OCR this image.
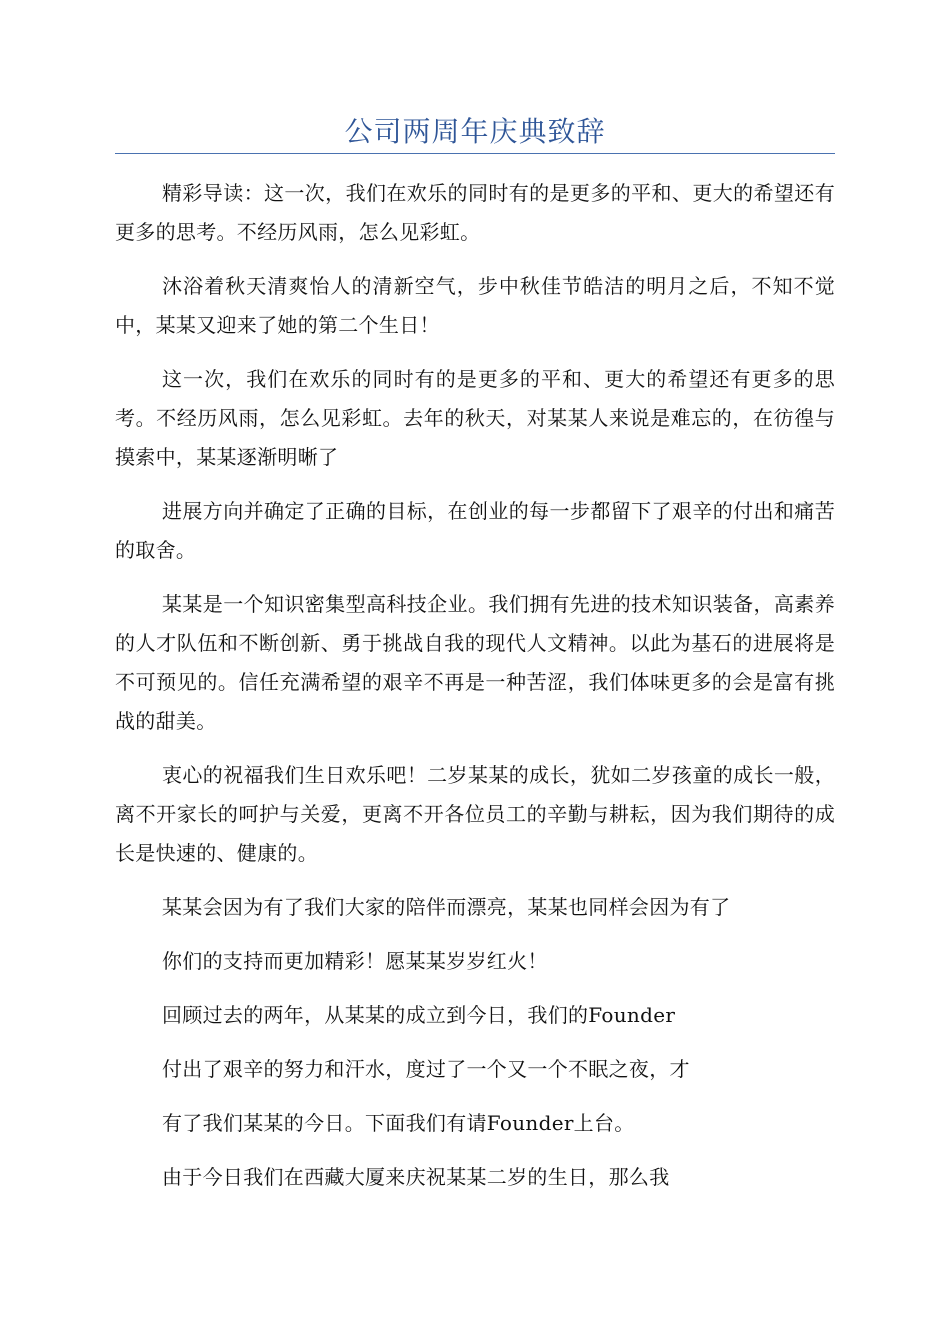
公司两周年庆典致辞

精彩导读：这一次，我们在欢乐的同时有的是更多的平和、更大的希望还有更多的思考。不经历风雨，怎么见彩虹。

沐浴着秋天清爽怡人的清新空气，步中秋佳节皓洁的明月之后，不知不觉中，某某又迎来了她的第二个生日！

这一次，我们在欢乐的同时有的是更多的平和、更大的希望还有更多的思考。不经历风雨，怎么见彩虹。去年的秋天，对某某人来说是难忘的，在彷徨与摸索中，某某逐渐明晰了

进展方向并确定了正确的目标，在创业的每一步都留下了艰辛的付出和痛苦的取舍。

某某是一个知识密集型高科技企业。我们拥有先进的技术知识装备，高素养的人才队伍和不断创新、勇于挑战自我的现代人文精神。以此为基石的进展将是不可预见的。信任充满希望的艰辛不再是一种苦涩，我们体味更多的会是富有挑战的甜美。

衷心的祝福我们生日欢乐吧！二岁某某的成长，犹如二岁孩童的成长一般，离不开家长的呵护与关爱，更离不开各位员工的辛勤与耕耘，因为我们期待的成长是快速的、健康的。

某某会因为有了我们大家的陪伴而漂亮，某某也同样会因为有了

你们的支持而更加精彩！愿某某岁岁红火！

回顾过去的两年，从某某的成立到今日，我们的Founder

付出了艰辛的努力和汗水，度过了一个又一个不眠之夜，才

有了我们某某的今日。下面我们有请Founder上台。

由于今日我们在西藏大厦来庆祝某某二岁的生日，那么我
